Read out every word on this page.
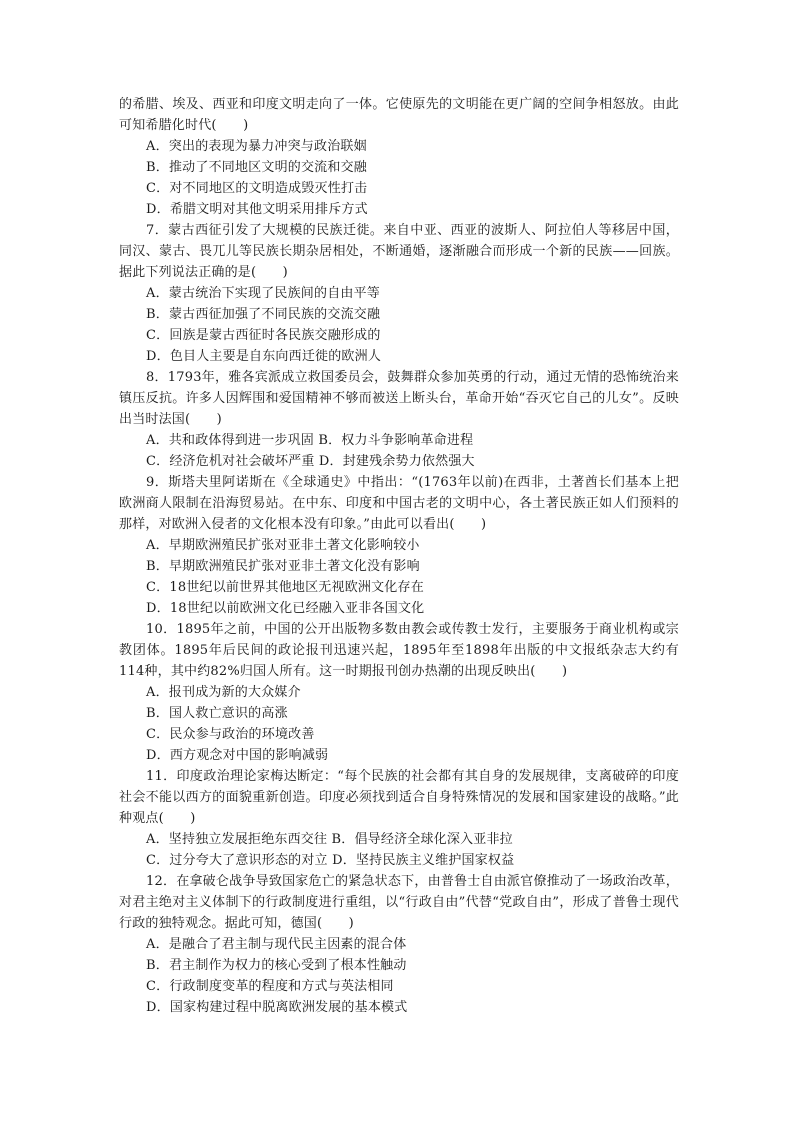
的希腊、埃及、西亚和印度文明走向了一体。它使原先的文明能在更广阔的空间争相怒放。由此可知希腊化时代(　　)

A．突出的表现为暴力冲突与政治联姻

B．推动了不同地区文明的交流和交融

C．对不同地区的文明造成毁灭性打击

D．希腊文明对其他文明采用排斥方式

7．蒙古西征引发了大规模的民族迁徙。来自中亚、西亚的波斯人、阿拉伯人等移居中国，同汉、蒙古、畏兀儿等民族长期杂居相处，不断通婚，逐渐融合而形成一个新的民族——回族。据此下列说法正确的是(　　)

A．蒙古统治下实现了民族间的自由平等

B．蒙古西征加强了不同民族的交流交融

C．回族是蒙古西征时各民族交融形成的

D．色目人主要是自东向西迁徙的欧洲人

8．1793年，雅各宾派成立救国委员会，鼓舞群众参加英勇的行动，通过无情的恐怖统治来镇压反抗。许多人因辉围和爱国精神不够而被送上断头台，革命开始“吞灭它自己的儿女”。反映出当时法国(　　)

A．共和政体得到进一步巩固 B．权力斗争影响革命进程

C．经济危机对社会破坏严重 D．封建残余势力依然强大

9．斯塔夫里阿诺斯在《全球通史》中指出：“(1763年以前)在西非，土著酋长们基本上把欧洲商人限制在沿海贸易站。在中东、印度和中国古老的文明中心，各土著民族正如人们预料的那样，对欧洲入侵者的文化根本没有印象。”由此可以看出(　　)

A．早期欧洲殖民扩张对亚非土著文化影响较小

B．早期欧洲殖民扩张对亚非土著文化没有影响

C．18世纪以前世界其他地区无视欧洲文化存在

D．18世纪以前欧洲文化已经融入亚非各国文化

10．1895年之前，中国的公开出版物多数由教会或传教士发行，主要服务于商业机构或宗教团体。1895年后民间的政论报刊迅速兴起，1895年至1898年出版的中文报纸杂志大约有114种，其中约82%归国人所有。这一时期报刊创办热潮的出现反映出(　　)

A．报刊成为新的大众媒介

B．国人救亡意识的高涨

C．民众参与政治的环境改善

D．西方观念对中国的影响减弱

11．印度政治理论家梅达断定：“每个民族的社会都有其自身的发展规律，支离破碎的印度社会不能以西方的面貌重新创造。印度必须找到适合自身特殊情况的发展和国家建设的战略。”此种观点(　　)

A．坚持独立发展拒绝东西交往 B．倡导经济全球化深入亚非拉

C．过分夸大了意识形态的对立 D．坚持民族主义维护国家权益

12．在拿破仑战争导致国家危亡的紧急状态下，由普鲁士自由派官僚推动了一场政治改革，对君主绝对主义体制下的行政制度进行重组，以“行政自由”代替“党政自由”，形成了普鲁士现代行政的独特观念。据此可知，德国(　　)

A．是融合了君主制与现代民主因素的混合体

B．君主制作为权力的核心受到了根本性触动

C．行政制度变革的程度和方式与英法相同

D．国家构建过程中脱离欧洲发展的基本模式
